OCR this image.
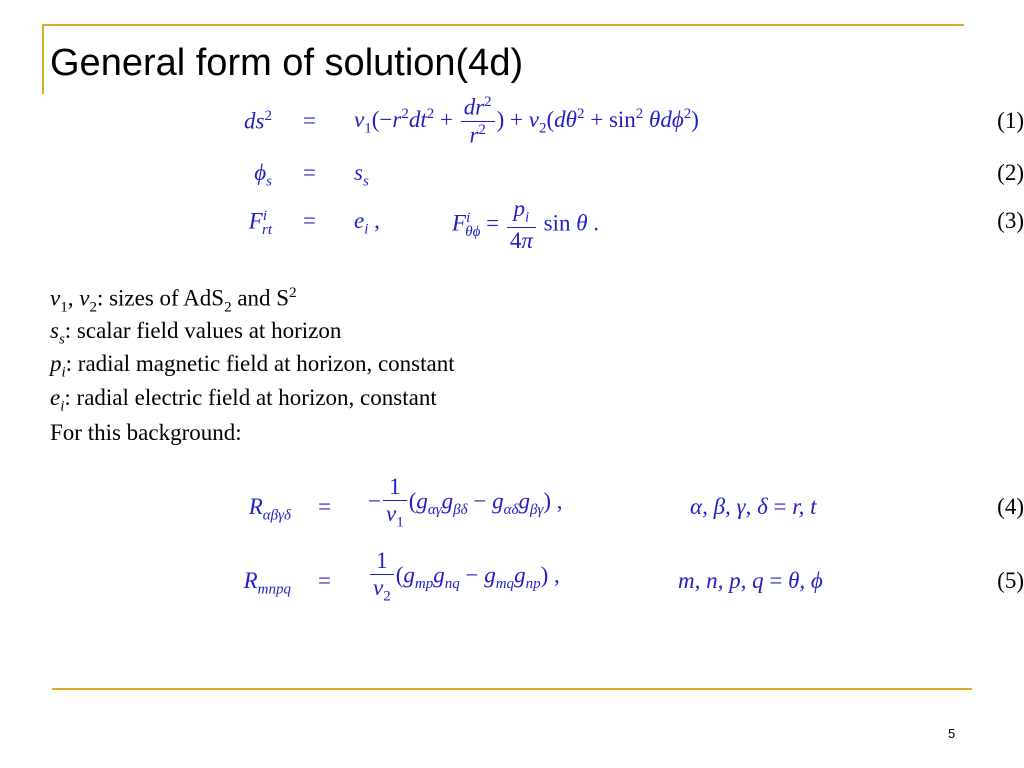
General form of solution(4d)
$ds^2 = v_1(-r^2dt^2 + \frac{dr^2}{r^2}$ ) + $v_2(d\theta^2 + \sin^2 \theta d\phi^2)$	(1)
$\phi_s = s_s$	(2)
$F^i_{rt} = e_i$ ,	$F^i_{\theta\phi} = \frac{p_i}{4\pi}$ sin θ .	(3)
$v_1$, $v_2$: sizes of AdS$_2$ and $S^2$
$s_s$: scalar field values at horizon
$p_i$: radial magnetic field at horizon, constant
$e_i$: radial electric field at horizon, constant
For this background:
$R_{\alpha\beta\gamma\delta}$ = − $\frac{1}{v_1} (g_{\alpha\gamma}g_{\beta\delta} - g_{\alpha\delta}g_{\beta\gamma})$ ,	α, β, γ, δ = r, t	(4)
$R_{mnpq} = \frac{1}{v_2} (g_{mp}g_{nq} - g_{mq}g_{np})$ ,	m, n, p, q = θ, ϕ	(5)
5
